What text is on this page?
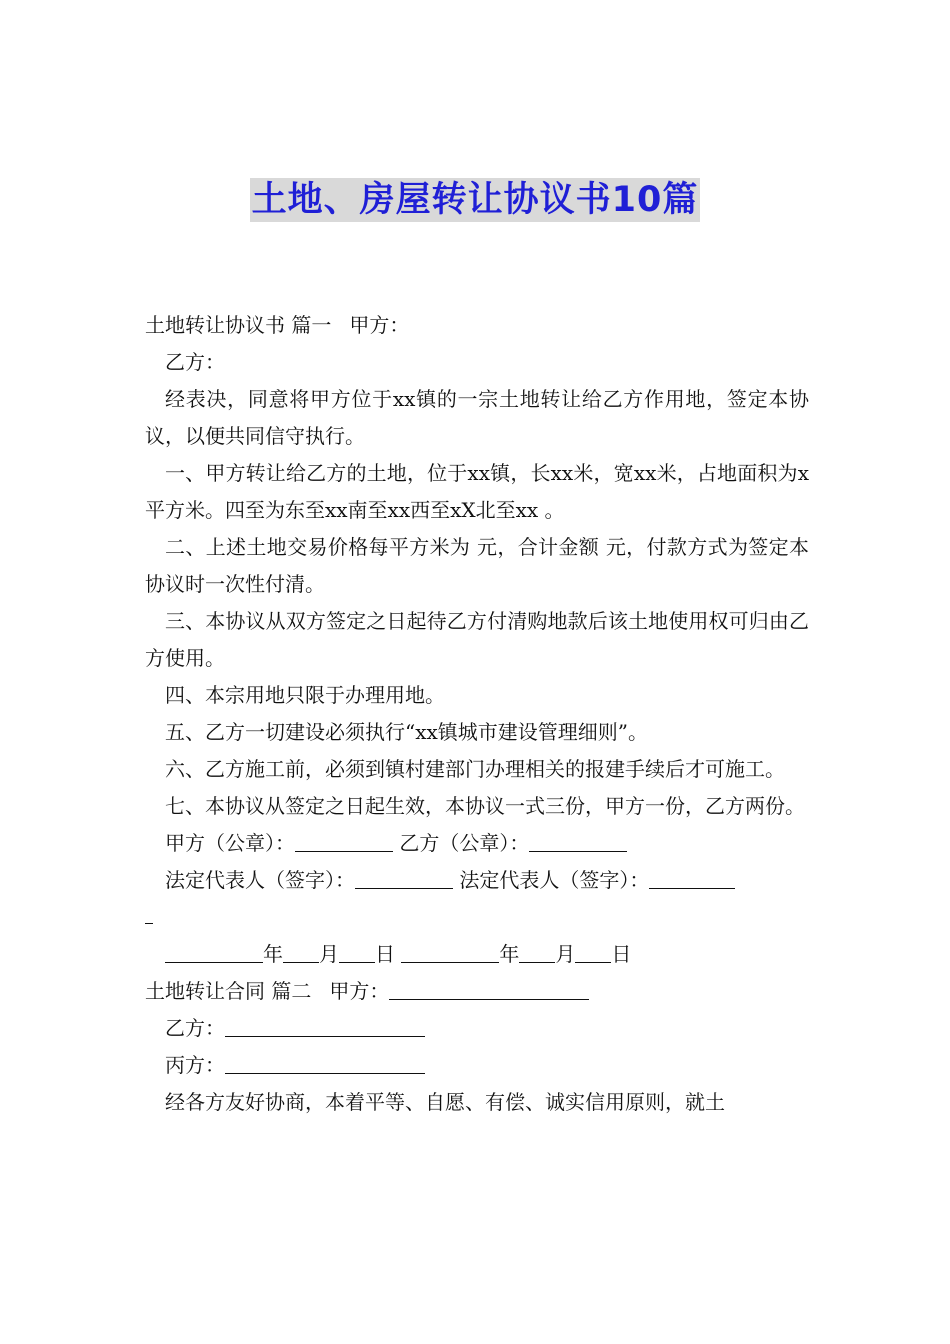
土地、房屋转让协议书10篇

土地转让协议书 篇一 甲方：

乙方：

经表决，同意将甲方位于xx镇的一宗土地转让给乙方作用地，签定本协议，以便共同信守执行。

一、甲方转让给乙方的土地，位于xx镇，长xx米，宽xx米，占地面积为x平方米。四至为东至xx南至xx西至xX北至xx 。

二、上述土地交易价格每平方米为 元，合计金额 元，付款方式为签定本协议时一次性付清。

三、本协议从双方签定之日起待乙方付清购地款后该土地使用权可归由乙方使用。

四、本宗用地只限于办理用地。

五、乙方一切建设必须执行“xx镇城市建设管理细则”。

六、乙方施工前，必须到镇村建部门办理相关的报建手续后才可施工。

七、本协议从签定之日起生效，本协议一式三份，甲方一份，乙方两份。

甲方（公章）：	乙方（公章）：

法定代表人（签字）：	法定代表人（签字）：

年 月 日	年 月 日

土地转让合同 篇二 甲方：

乙方：

丙方：

经各方友好协商，本着平等、自愿、有偿、诚实信用原则，就土
